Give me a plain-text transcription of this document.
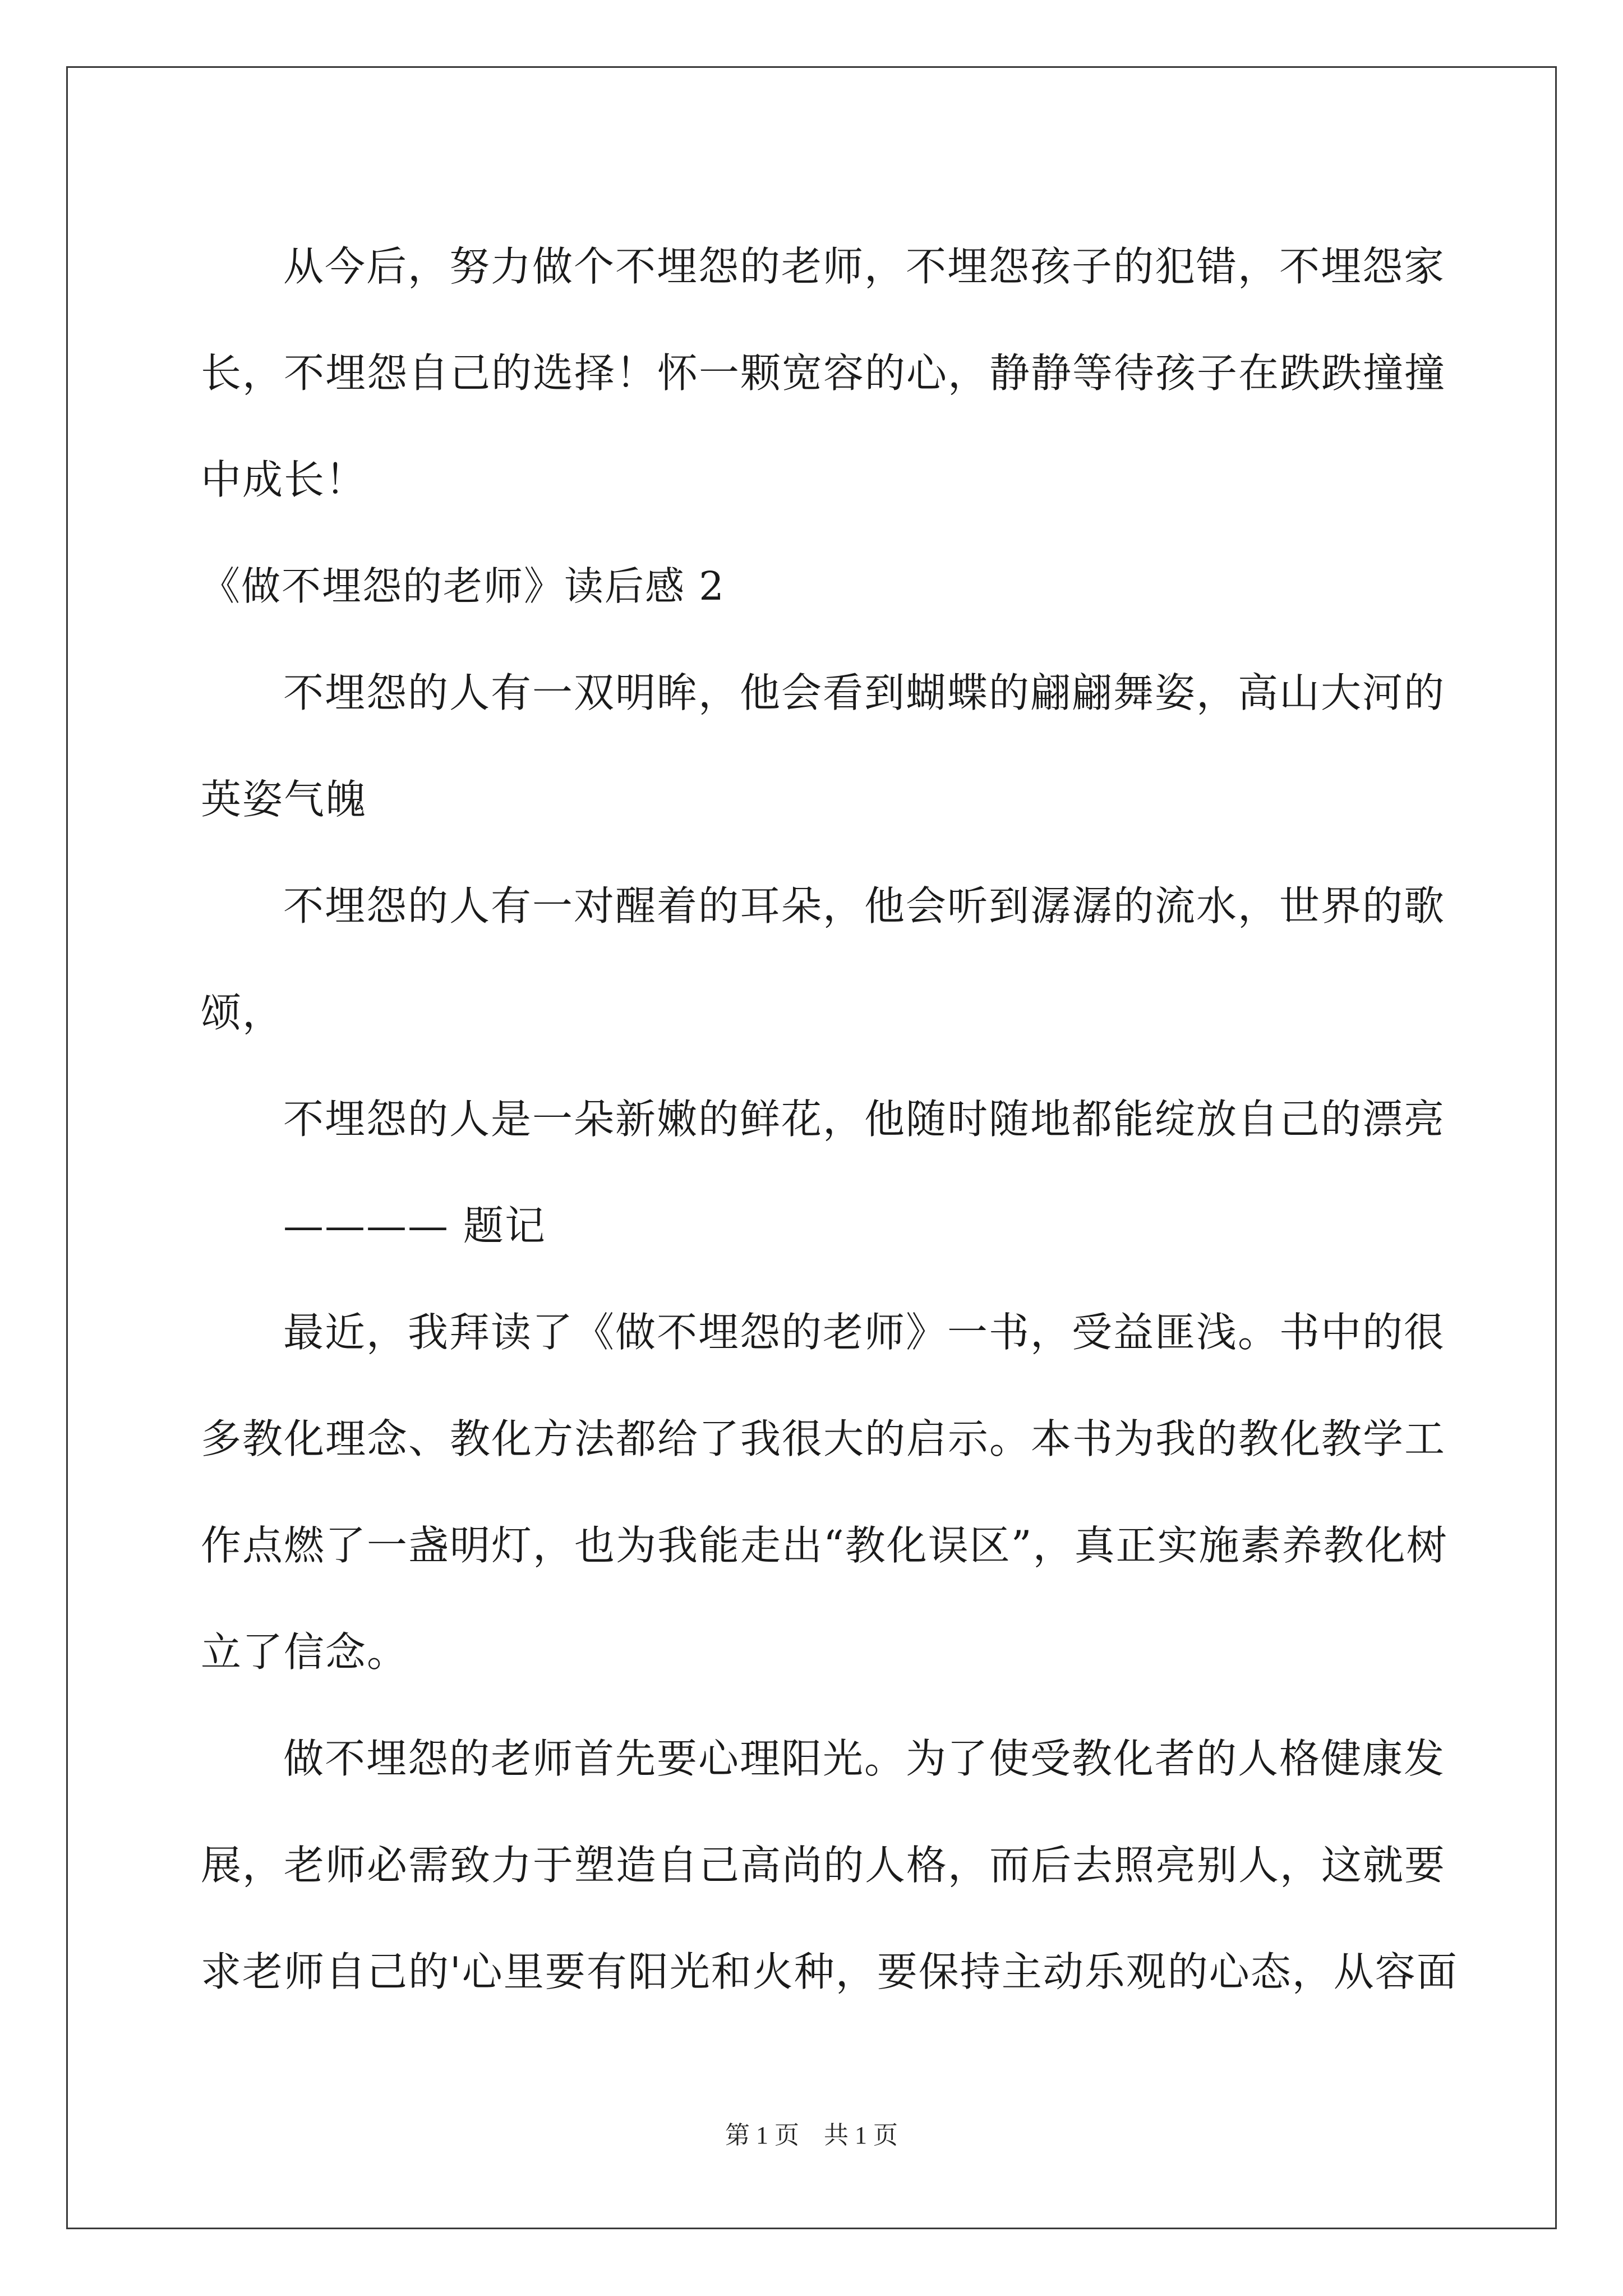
从今后，努力做个不埋怨的老师，不埋怨孩子的犯错，不埋怨家
长，不埋怨自己的选择！怀一颗宽容的心，静静等待孩子在跌跌撞撞
中成长！
《做不埋怨的老师》读后感 2
不埋怨的人有一双明眸，他会看到蝴蝶的翩翩舞姿，高山大河的
英姿气魄
不埋怨的人有一对醒着的耳朵，他会听到潺潺的流水，世界的歌
颂，
不埋怨的人是一朵新嫩的鲜花，他随时随地都能绽放自己的漂亮
———— 题记
最近，我拜读了《做不埋怨的老师》一书，受益匪浅。书中的很
多教化理念、教化方法都给了我很大的启示。本书为我的教化教学工
作点燃了一盏明灯，也为我能走出“教化误区”，真正实施素养教化树
立了信念。
做不埋怨的老师首先要心理阳光。为了使受教化者的人格健康发
展，老师必需致力于塑造自己高尚的人格，而后去照亮别人，这就要
求老师自己的'心里要有阳光和火种，要保持主动乐观的心态，从容面
第 1 页　共 1 页
